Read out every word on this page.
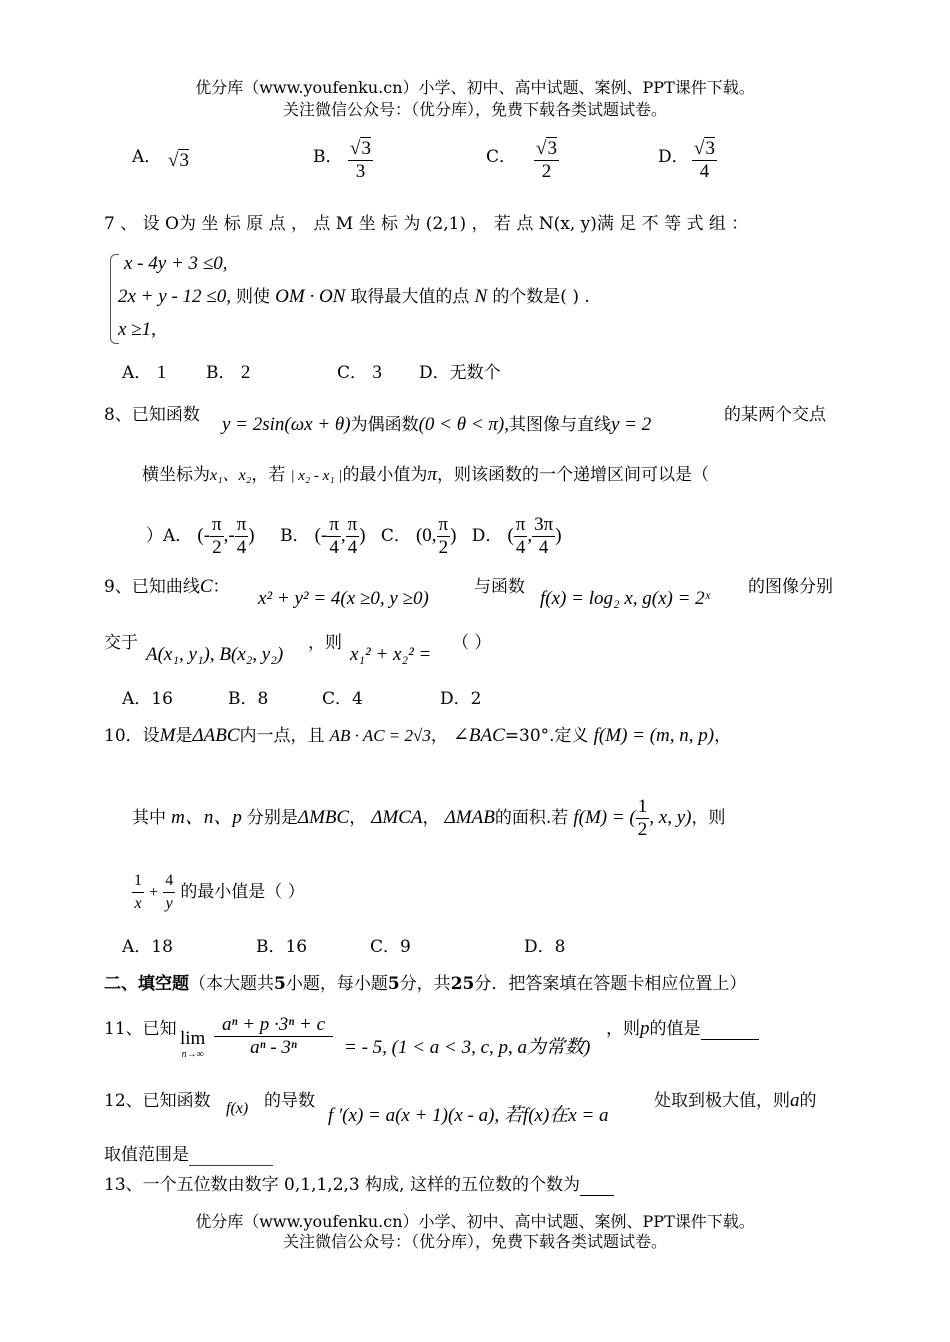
优分库（www.youfenku.cn）小学、初中、高中试题、案例、PPT课件下载。
关注微信公众号：（优分库），免费下载各类试题试卷。
A． √3	B． $\frac{√3}{3}$	C． $\frac{√3}{2}$	D． $\frac{√3}{4}$
7 、 设 O为 坐 标 原 点 ， 点 M 坐 标 为 (2,1) ， 若 点 N(x, y)满 足 不 等 式 组 ：
x - 4y + 3 ≤0,
2x + y - 12 ≤0, 则使 OM · ON 取得最大值的点 N 的个数是( ) .
x ≥1,
A． 1 B． 2	C． 3 D．无数个
8、已知函数 y = 2sin(ωx + θ)为偶函数(0 < θ < π),其图像与直线y = 2	的某两个交点
横坐标为x₁、x₂，若 | x₂ - x₁ |的最小值为π，则该函数的一个递增区间可以是（
）A． (- $\frac{\pi}{2}$ ,- $\frac{\pi}{4}$ ) B． (- $\frac{\pi}{4}$ , $\frac{\pi}{4}$ ) C． (0, $\frac{\pi}{2}$ ) D． ( $\frac{\pi}{4}$ , $\frac{3\pi}{4}$ )
9、已知曲线C：
x² + y² = 4(x ≥0, y ≥0)
与函数
f(x) = log₂ x, g(x) = 2ˣ
的图像分别
交于
A(x₁, y₁), B(x₂, y₂)
，则
x₁² + x₂² =
（ ）
A．16	B．8	C．4	D．2
10．设M是ΔABC内一点，且 AB · AC = 2√3， ∠BAC=30°.定义 f(M) = (m, n, p)，
其中 m、n、p 分别是ΔMBC， ΔMCA， ΔMAB的面积.若 f(M) = ( $\frac{1}{2}$ , x, y)，则
$\frac{1}{x} + \frac{4}{y}$ 的最小值是（ ）
A．18	B．16	C．9	D．8
二、填空题（本大题共5小题，每小题5分，共25分．把答案填在答题卡相应位置上）
11、已知 lim
$n\to\infty \frac{\text{aⁿ + p ·3ⁿ + c}}{\text{aⁿ - 3ⁿ}}$ = - 5, (1 < a < 3, c, p, a为常数)
，则p的值是
12、已知函数 f(x) 的导数
f ′(x) = a(x + 1)(x - a), 若f(x)在x = a
处取到极大值，则a的
取值范围是
13、一个五位数由数字 0,1,1,2,3 构成, 这样的五位数的个数为
优分库（www.youfenku.cn）小学、初中、高中试题、案例、PPT课件下载。
关注微信公众号：（优分库），免费下载各类试题试卷。
